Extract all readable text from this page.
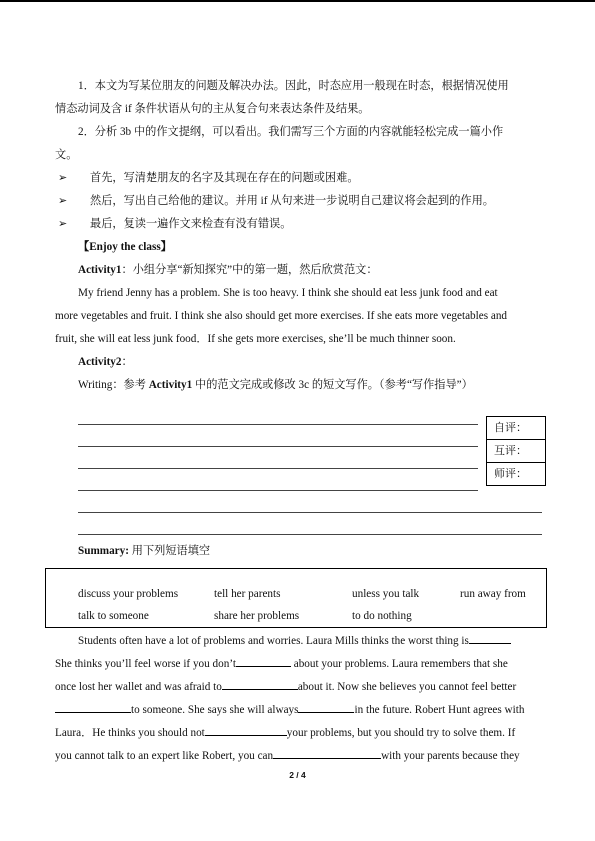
1．本文为写某位朋友的问题及解决办法。因此，时态应用一般现在时态，根据情况使用
情态动词及含 if 条件状语从句的主从复合句来表达条件及结果。
2．分析 3b 中的作文提纲，可以看出。我们需写三个方面的内容就能轻松完成一篇小作
文。
➢ 首先，写清楚朋友的名字及其现在存在的问题或困难。
➢ 然后，写出自己给他的建议。并用 if 从句来进一步说明自己建议将会起到的作用。
➢ 最后，复读一遍作文来检查有没有错误。
【Enjoy the class】
Activity1：小组分享“新知探究”中的第一题，然后欣赏范文：
My friend Jenny has a problem. She is too heavy. I think she should eat less junk food and eat
more vegetables and fruit. I think she also should get more exercises. If she eats more vegetables and
fruit, she will eat less junk food．If she gets more exercises, she’ll be much thinner soon.
Activity2：
Writing：参考 Activity1 中的范文完成或修改 3c 的短文写作。（参考“写作指导”）
自评：
互评：
师评：
Summary: 用下列短语填空
discuss your problems	tell her parents	unless you talk	run away from
talk to someone	share her problems	to do nothing
Students often have a lot of problems and worries. Laura Mills thinks the worst thing is
She thinks you’ll feel worse if you don’t	about your problems. Laura remembers that she
once lost her wallet and was afraid to	about it. Now she believes you cannot feel better
to someone. She says she will always	in the future. Robert Hunt agrees with
Laura．He thinks you should not	your problems, but you should try to solve them. If
you cannot talk to an expert like Robert, you can	with your parents because they
2 / 4
